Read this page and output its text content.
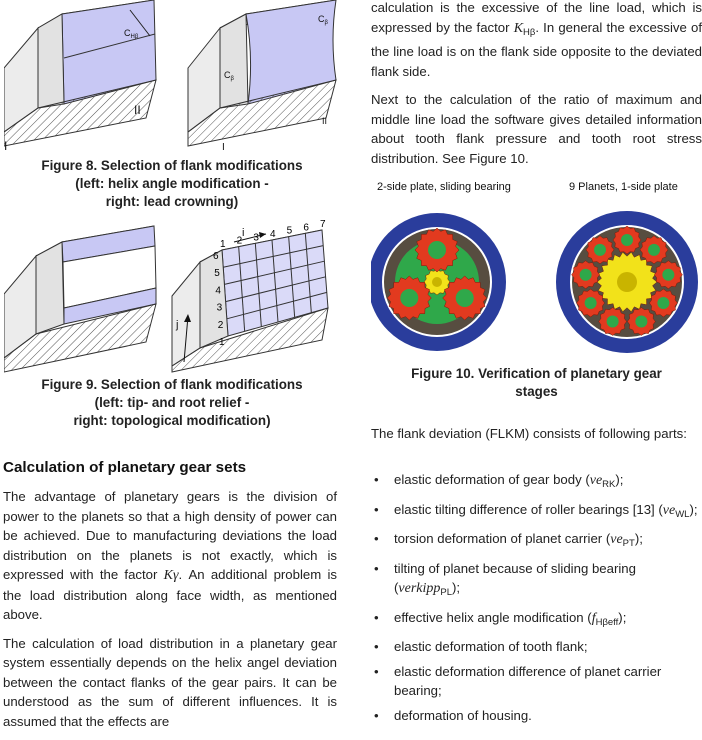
$C_{H\beta}$
I
II
$C_\beta$
$C_\beta$
I
II
Figure 8. Selection of flank modifications
(left: helix angle modification -
right: lead crowning)
i
j
1 2 3 4 5 6 7
6
5
4
3
2
1
Figure 9. Selection of flank modifications
(left: tip- and root relief -
right: topological modification)
Calculation of planetary gear sets

The advantage of planetary gears is the division of power to the planets so that a high density of power can be achieved. Due to manufacturing deviations the load distribution on the planets is not exactly, which is expressed with the factor Kγ. An additional problem is the load distribution along face width, as mentioned above.

The calculation of load distribution in a planetary gear system essentially depends on the helix angel deviation between the contact flanks of the gear pairs. It can be understood as the sum of different influences. It is assumed that the effects are

calculation is the excessive of the line load, which is expressed by the factor $K_{H\beta}$. In general the excessive of the line load is on the flank side opposite to the deviated flank side.

Next to the calculation of the ratio of maximum and middle line load the software gives detailed information about tooth flank pressure and tooth root stress distribution. See Figure 10.

2-side plate, sliding bearing	9 Planets, 1-side plate
Figure 10. Verification of planetary gear
stages
The flank deviation (FLKM) consists of following parts:
• elastic deformation of gear body $(ve_{RK})$;
• elastic tilting difference of roller bearings [13] $(ve_{WL})$;
• torsion deformation of planet carrier $(ve_{PT})$;
• tilting of planet because of sliding bearing (verkipp$_{PL}$);
• effective helix angle modification $(f_{H\beta eff})$;
• elastic deformation of tooth flank;
• elastic deformation difference of planet carrier bearing;
• deformation of housing.
